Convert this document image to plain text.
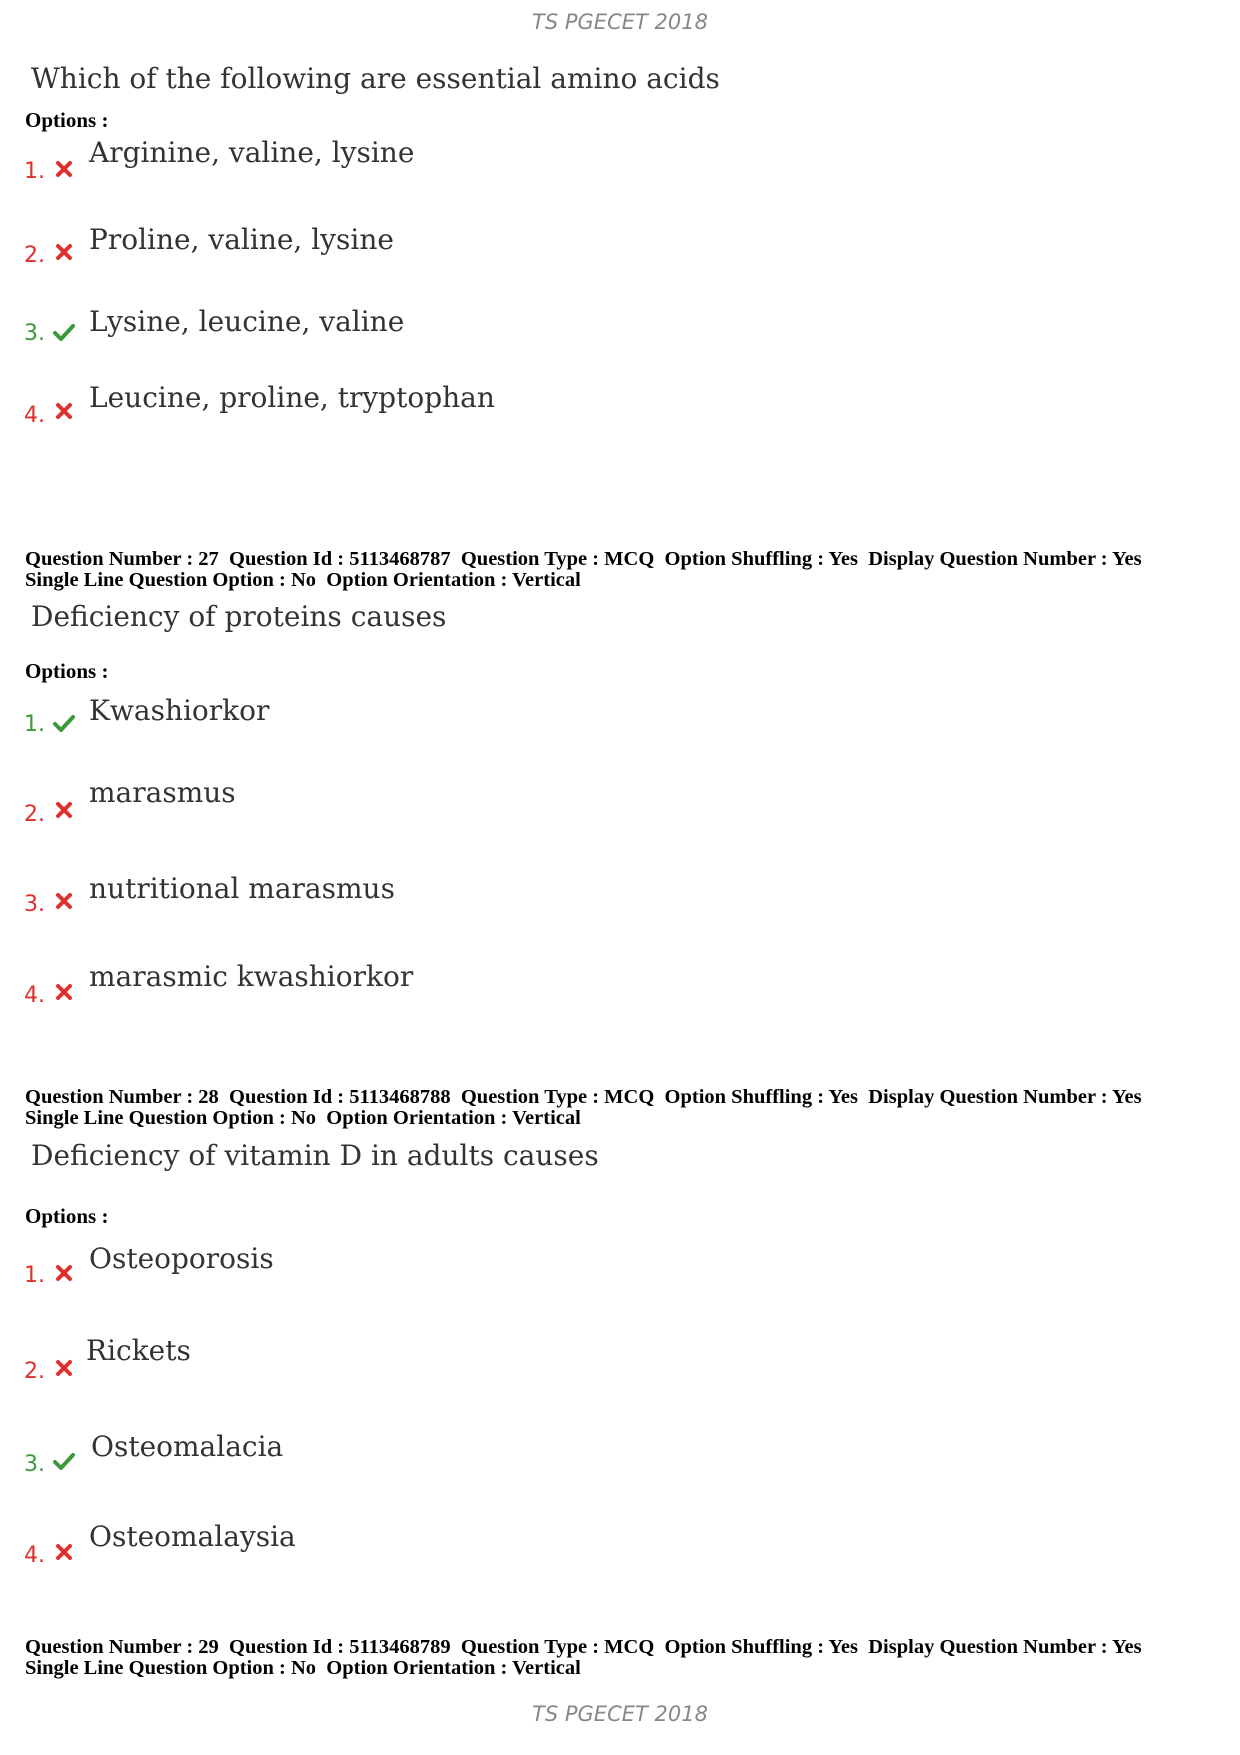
TS PGECET 2018
Which of the following are essential amino acids
Options :
1.
Arginine, valine, lysine
2. Proline, valine, lysine
3. Lysine, leucine, valine
4.
Leucine, proline, tryptophan
Question Number : 27  Question Id : 5113468787  Question Type : MCQ  Option Shuffling : Yes  Display Question Number : Yes
Single Line Question Option : No  Option Orientation : Vertical
Deficiency of proteins causes
Options :
1. Kwashiorkor
2.
marasmus
3. nutritional marasmus
4.
marasmic kwashiorkor
Question Number : 28  Question Id : 5113468788  Question Type : MCQ  Option Shuffling : Yes  Display Question Number : Yes
Single Line Question Option : No  Option Orientation : Vertical
Deficiency of vitamin D in adults causes
Options :
1.
Osteoporosis
2.
Rickets
3.
Osteomalacia
4.
Osteomalaysia
Question Number : 29  Question Id : 5113468789  Question Type : MCQ  Option Shuffling : Yes  Display Question Number : Yes
Single Line Question Option : No  Option Orientation : Vertical
TS PGECET 2018
